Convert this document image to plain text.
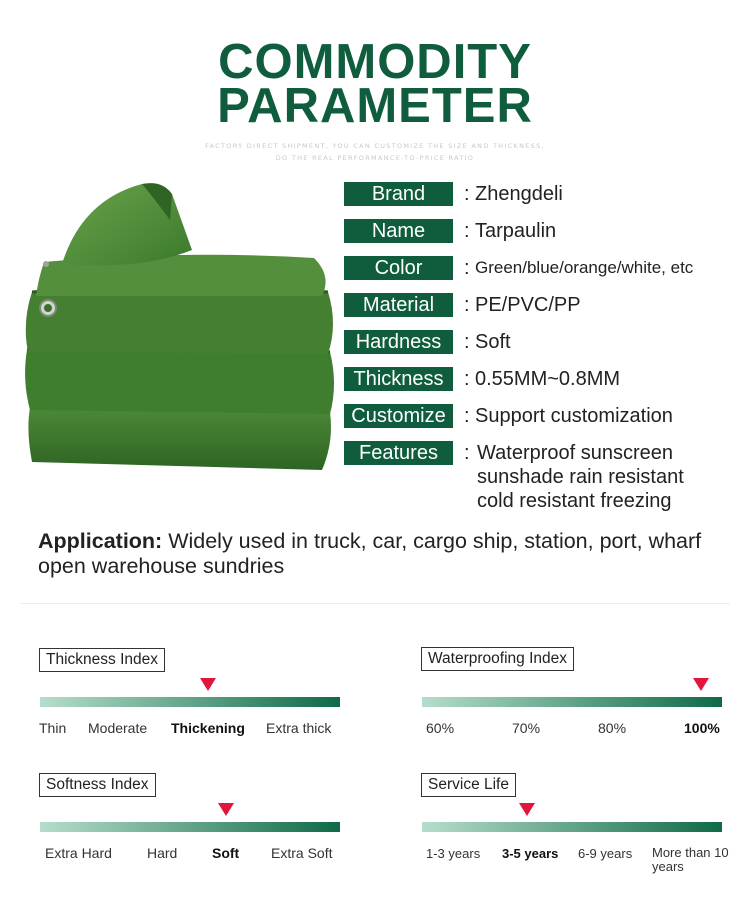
COMMODITY
PARAMETER
FACTORY DIRECT SHIPMENT, YOU CAN CUSTOMIZE THE SIZE AND THICKNESS,
DO THE REAL PERFORMANCE-TO-PRICE RATIO
Brand	: Zhengdeli
Name	: Tarpaulin
Color	: Green/blue/orange/white, etc
Material	: PE/PVC/PP
Hardness	: Soft
Thickness	: 0.55MM~0.8MM
Customize : Support customization
Features	: Waterproof sunscreen
sunshade rain resistant
cold resistant freezing
Application: Widely used in truck, car, cargo ship, station, port, wharf open warehouse sundries
Thickness Index
Thin Moderate Thickening Extra thick
Waterproofing Index
60%	70%	80%	100%
Softness Index
Extra Hard	Hard Soft Extra Soft
Service Life
1-3 years 3-5 years 6-9 years More than 10 years
